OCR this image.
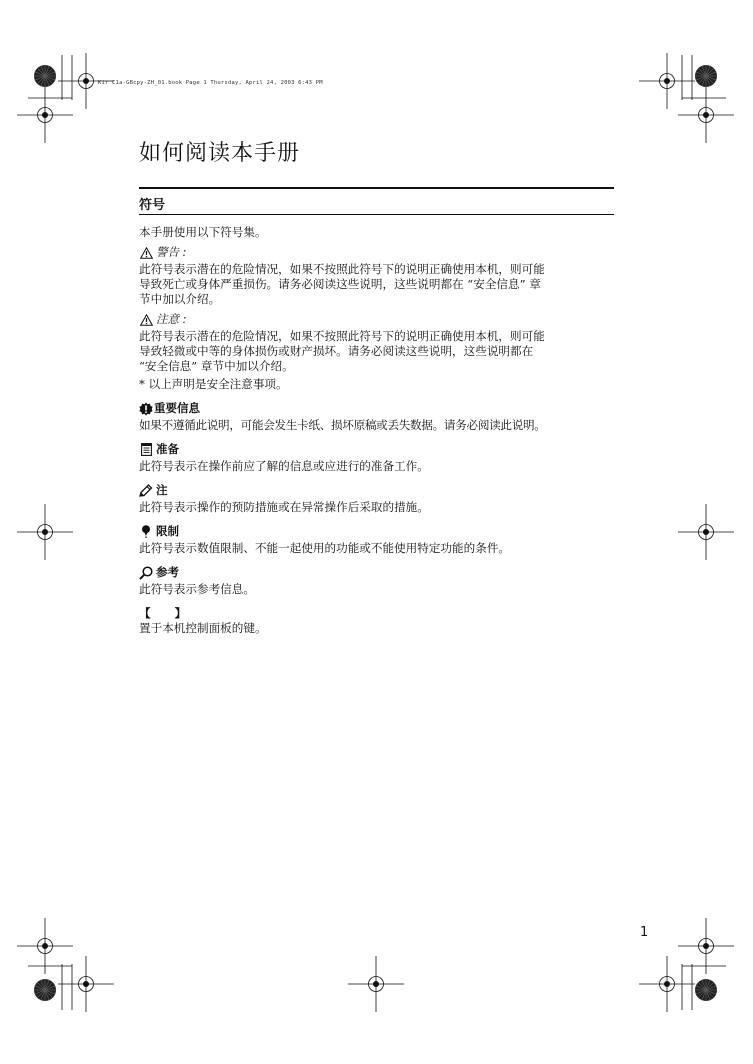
Kir C1a-GBcpy-ZH_01.book Page 1 Thursday, April 24, 2003 6:43 PM
如何阅读本手册
符号

本手册使用以下符号集。

警告 :

此符号表示潜在的危险情况，如果不按照此符号下的说明正确使用本机，则可能

导致死亡或身体严重损伤。请务必阅读这些说明，这些说明都在 “安全信息” 章

节中加以介绍。

注意 :

此符号表示潜在的危险情况，如果不按照此符号下的说明正确使用本机，则可能

导致轻微或中等的身体损伤或财产损坏。请务必阅读这些说明，这些说明都在

“安全信息” 章节中加以介绍。

* 以上声明是安全注意事项。

重要信息

如果不遵循此说明，可能会发生卡纸、损坏原稿或丢失数据。请务必阅读此说明。

准备

此符号表示在操作前应了解的信息或应进行的准备工作。

注

此符号表示操作的预防措施或在异常操作后采取的措施。

限制

此符号表示数值限制、不能一起使用的功能或不能使用特定功能的条件。

参考

此符号表示参考信息。

【 】

置于本机控制面板的键。

1
